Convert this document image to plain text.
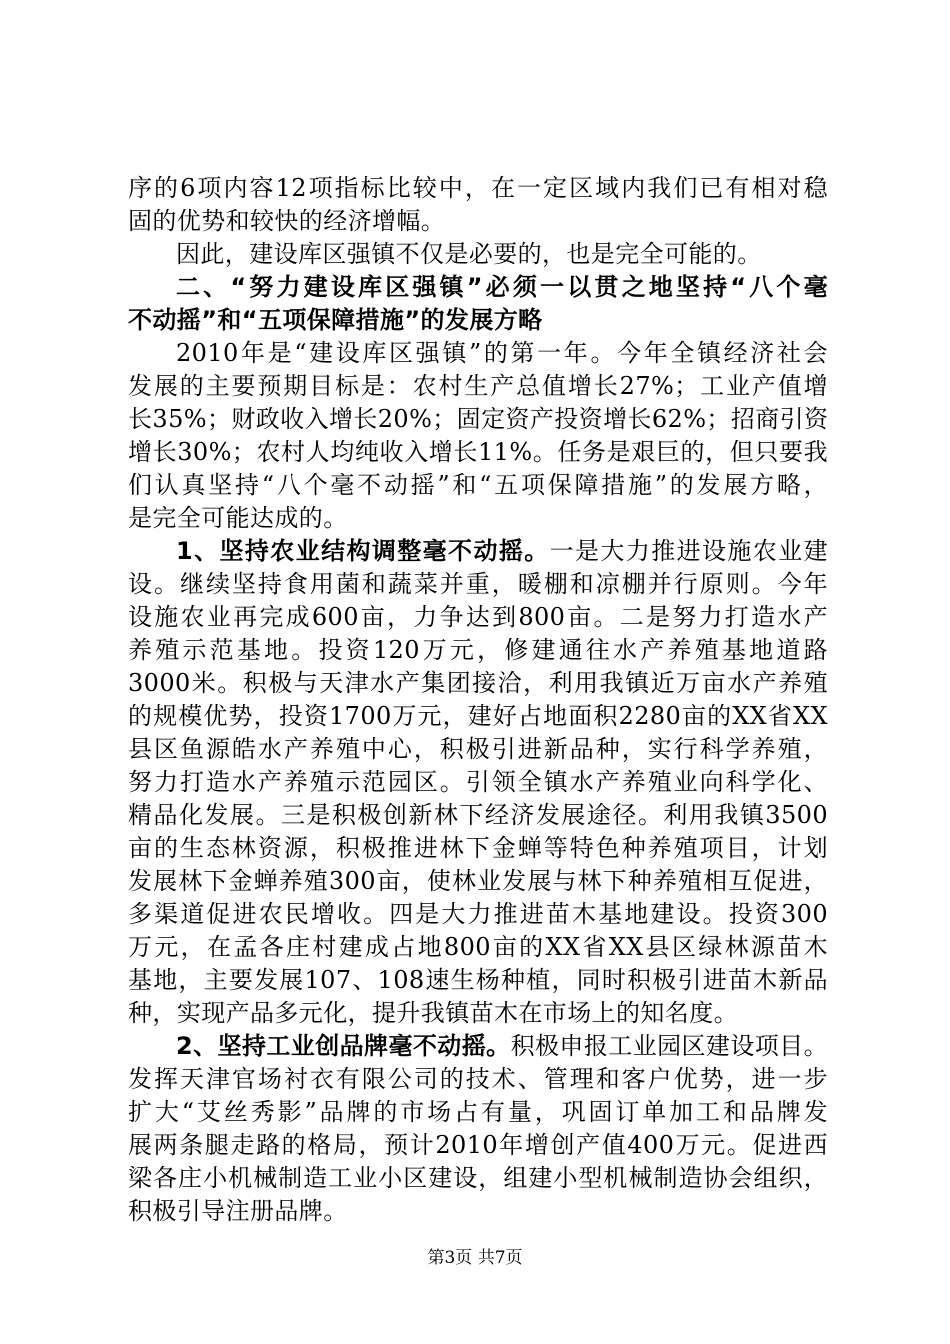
序的6项内容12项指标比较中，在一定区域内我们已有相对稳
固的优势和较快的经济增幅。
因此，建设库区强镇不仅是必要的，也是完全可能的。
二、“努力建设库区强镇”必须一以贯之地坚持“八个毫
不动摇”和“五项保障措施”的发展方略
2010年是“建设库区强镇”的第一年。今年全镇经济社会
发展的主要预期目标是：农村生产总值增长27%；工业产值增
长35%；财政收入增长20%；固定资产投资增长62%；招商引资
增长30%；农村人均纯收入增长11%。任务是艰巨的，但只要我
们认真坚持“八个毫不动摇”和“五项保障措施”的发展方略，
是完全可能达成的。
1、坚持农业结构调整毫不动摇。一是大力推进设施农业建
设。继续坚持食用菌和蔬菜并重，暖棚和凉棚并行原则。今年
设施农业再完成600亩，力争达到800亩。二是努力打造水产
养殖示范基地。投资120万元，修建通往水产养殖基地道路
3000米。积极与天津水产集团接洽，利用我镇近万亩水产养殖
的规模优势，投资1700万元，建好占地面积2280亩的XX省XX
县区鱼源皓水产养殖中心，积极引进新品种，实行科学养殖，
努力打造水产养殖示范园区。引领全镇水产养殖业向科学化、
精品化发展。三是积极创新林下经济发展途径。利用我镇3500
亩的生态林资源，积极推进林下金蝉等特色种养殖项目，计划
发展林下金蝉养殖300亩，使林业发展与林下种养殖相互促进，
多渠道促进农民增收。四是大力推进苗木基地建设。投资300
万元，在孟各庄村建成占地800亩的XX省XX县区绿林源苗木
基地，主要发展107、108速生杨种植，同时积极引进苗木新品
种，实现产品多元化，提升我镇苗木在市场上的知名度。
2、坚持工业创品牌毫不动摇。积极申报工业园区建设项目。
发挥天津官场衬衣有限公司的技术、管理和客户优势，进一步
扩大“艾丝秀影”品牌的市场占有量，巩固订单加工和品牌发
展两条腿走路的格局，预计2010年增创产值400万元。促进西
梁各庄小机械制造工业小区建设，组建小型机械制造协会组织，
积极引导注册品牌。
第3页 共7页
